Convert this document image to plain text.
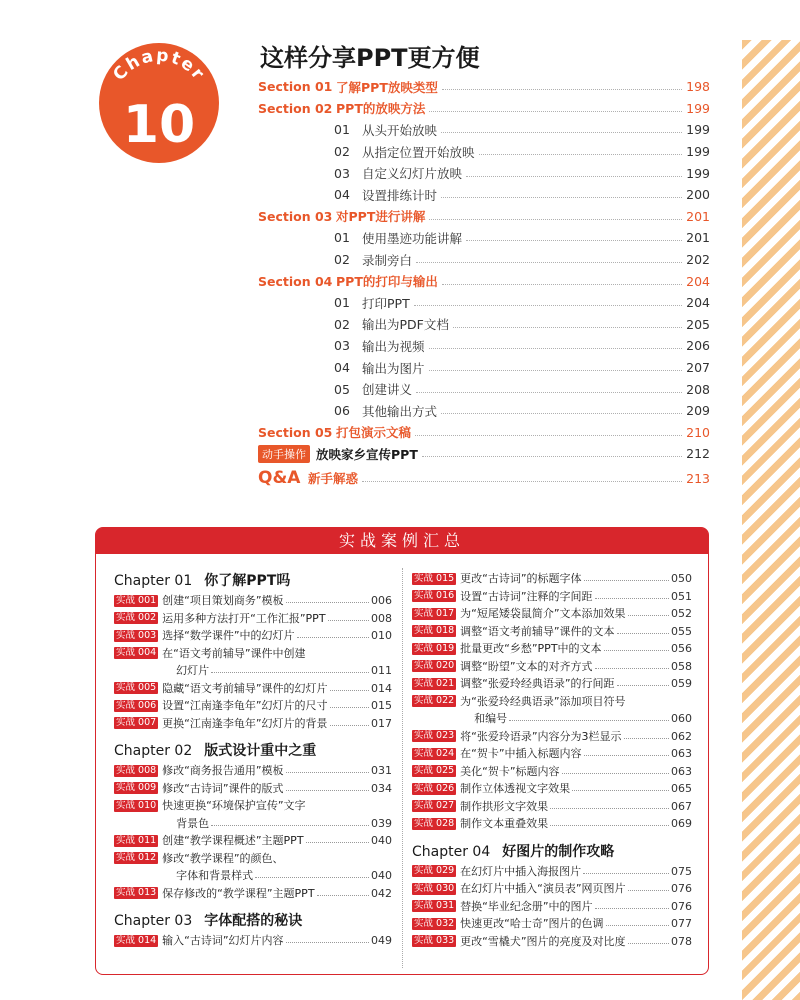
Chapter
10
这样分享PPT更方便
Section 01 了解PPT放映类型	198
Section 02 PPT的放映方法	199
01 从头开始放映	199
02 从指定位置开始放映	199
03 自定义幻灯片放映	199
04 设置排练计时	200
Section 03 对PPT进行讲解	201
01 使用墨迹功能讲解	201
02 录制旁白	202
Section 04 PPT的打印与输出	204
01 打印PPT	204
02 输出为PDF文档	205
03 输出为视频	206
04 输出为图片	207
05 创建讲义	208
06 其他输出方式	209
Section 05 打包演示文稿	210
动手操作 放映家乡宣传PPT	212
Q&A 新手解惑	213
实战案例汇总
Chapter 01 你了解PPT吗
实战 001 创建“项目策划商务”模板	006
实战 002 运用多种方法打开“工作汇报”PPT	008
实战 003 选择“数学课件”中的幻灯片	010
实战 004 在“语文考前辅导”课件中创建
幻灯片	011
实战 005 隐藏“语文考前辅导”课件的幻灯片	014
实战 006 设置“江南逢李龟年”幻灯片的尺寸	015
实战 007 更换“江南逢李龟年”幻灯片的背景	017
Chapter 02 版式设计重中之重
实战 008 修改“商务报告通用”模板	031
实战 009 修改“古诗词”课件的版式	034
实战 010 快速更换“环境保护宣传”文字
背景色	039
实战 011 创建“教学课程概述”主题PPT	040
实战 012 修改“教学课程”的颜色、
字体和背景样式	040
实战 013 保存修改的“教学课程”主题PPT	042
Chapter 03 字体配搭的秘诀
实战 014 输入“古诗词”幻灯片内容	049
实战 015 更改“古诗词”的标题字体	050
实战 016 设置“古诗词”注释的字间距	051
实战 017 为“短尾矮袋鼠简介”文本添加效果	052
实战 018 调整“语文考前辅导”课件的文本	055
实战 019 批量更改“乡愁”PPT中的文本	056
实战 020 调整“盼望”文本的对齐方式	058
实战 021 调整“张爱玲经典语录”的行间距	059
实战 022 为“张爱玲经典语录”添加项目符号
和编号	060
实战 023 将“张爱玲语录”内容分为3栏显示	062
实战 024 在“贺卡”中插入标题内容	063
实战 025 美化“贺卡”标题内容	063
实战 026 制作立体透视文字效果	065
实战 027 制作拱形文字效果	067
实战 028 制作文本重叠效果	069
Chapter 04 好图片的制作攻略
实战 029 在幻灯片中插入海报图片	075
实战 030 在幻灯片中插入“演员表”网页图片	076
实战 031 替换“毕业纪念册”中的图片	076
实战 032 快速更改“哈士奇”图片的色调	077
实战 033 更改“雪橇犬”图片的亮度及对比度	078
